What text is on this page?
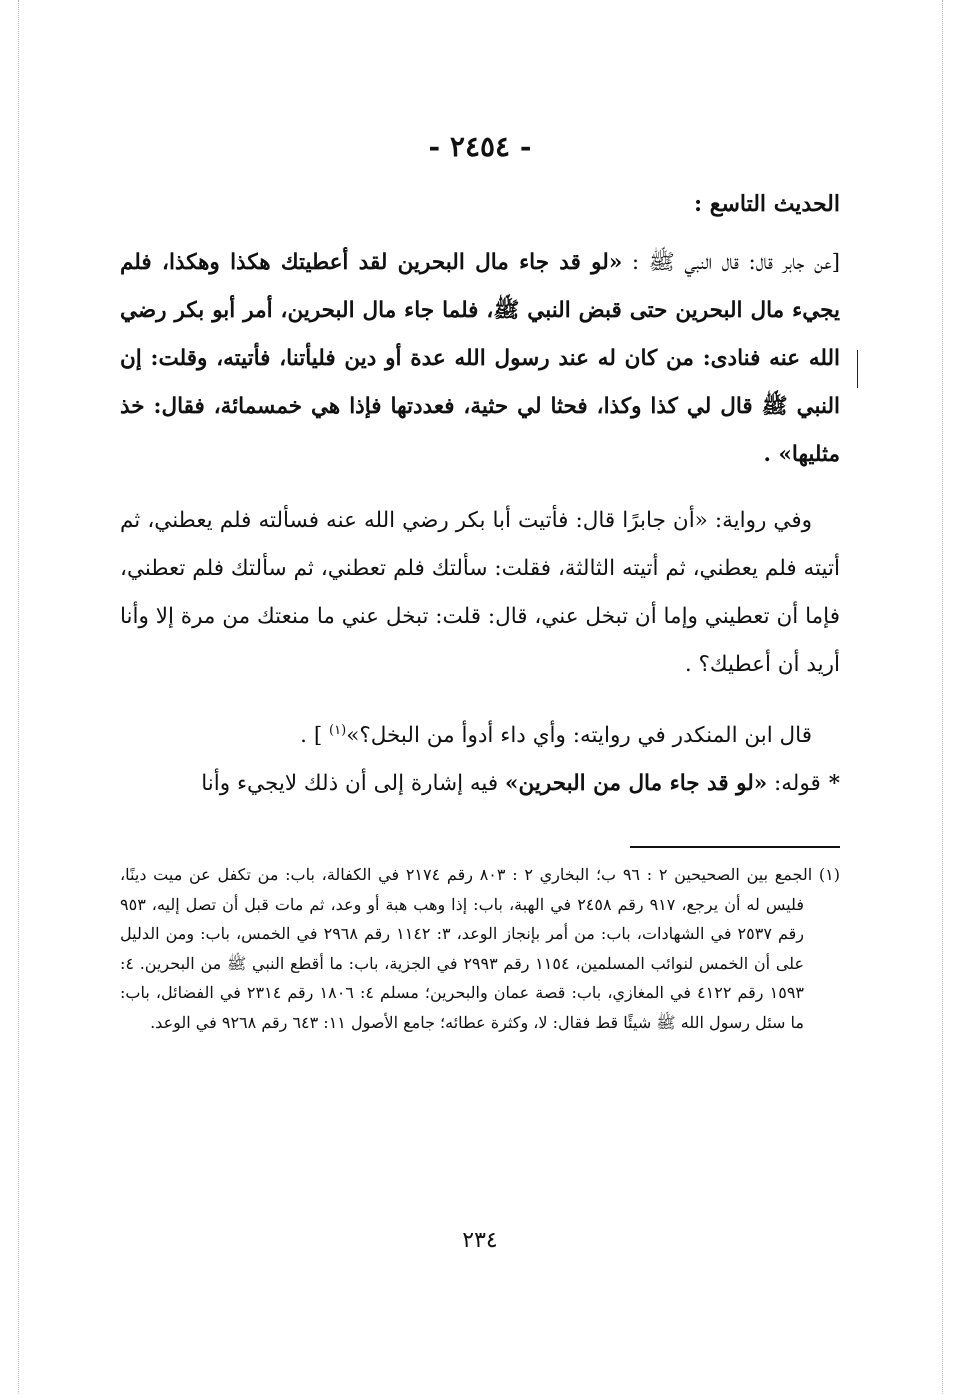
- ٢٤٥٤ -
الحديث التاسع :

[عن جابر قال: قال النبي ﷺ : «لو قد جاء مال البحرين لقد أعطيتك هكذا وهكذا، فلم يجيء مال البحرين حتى قبض النبي ﷺ، فلما جاء مال البحرين، أمر أبو بكر رضي الله عنه فنادى: من كان له عند رسول الله عدة أو دين فليأتنا، فأتيته، وقلت: إن النبي ﷺ قال لي كذا وكذا، فحثا لي حثية، فعددتها فإذا هي خمسمائة، فقال: خذ مثليها» .

وفي رواية: «أن جابرًا قال: فأتيت أبا بكر رضي الله عنه فسألته فلم يعطني، ثم أتيته فلم يعطني، ثم أتيته الثالثة، فقلت: سألتك فلم تعطني، ثم سألتك فلم تعطني، فإما أن تعطيني وإما أن تبخل عني، قال: قلت: تبخل عني ما منعتك من مرة إلا وأنا أريد أن أعطيك؟ .

قال ابن المنكدر في روايته: وأي داء أدوأ من البخل؟»$^{(١)}$ ] .

*قوله: «لو قد جاء مال من البحرين» فيه إشارة إلى أن ذلك لايجيء وأنا

(١) الجمع بين الصحيحين ٢ : ٩٦ ب؛ البخاري ٢ : ٨٠٣ رقم ٢١٧٤ في الكفالة، باب: من تكفل عن ميت دينًا، فليس له أن يرجع، ٩١٧ رقم ٢٤٥٨ في الهبة، باب: إذا وهب هبة أو وعد، ثم مات قبل أن تصل إليه، ٩٥٣ رقم ٢٥٣٧ في الشهادات، باب: من أمر بإنجاز الوعد، ٣: ١١٤٢ رقم ٢٩٦٨ في الخمس، باب: ومن الدليل على أن الخمس لنوائب المسلمين، ١١٥٤ رقم ٢٩٩٣ في الجزية، باب: ما أقطع النبي ﷺ من البحرين. ٤: ١٥٩٣ رقم ٤١٢٢ في المغازي، باب: قصة عمان والبحرين؛ مسلم ٤: ١٨٠٦ رقم ٢٣١٤ في الفضائل، باب: ما سئل رسول الله ﷺ شيئًا قط فقال: لا، وكثرة عطائه؛ جامع الأصول ١١: ٦٤٣ رقم ٩٢٦٨ في الوعد.

٢٣٤
